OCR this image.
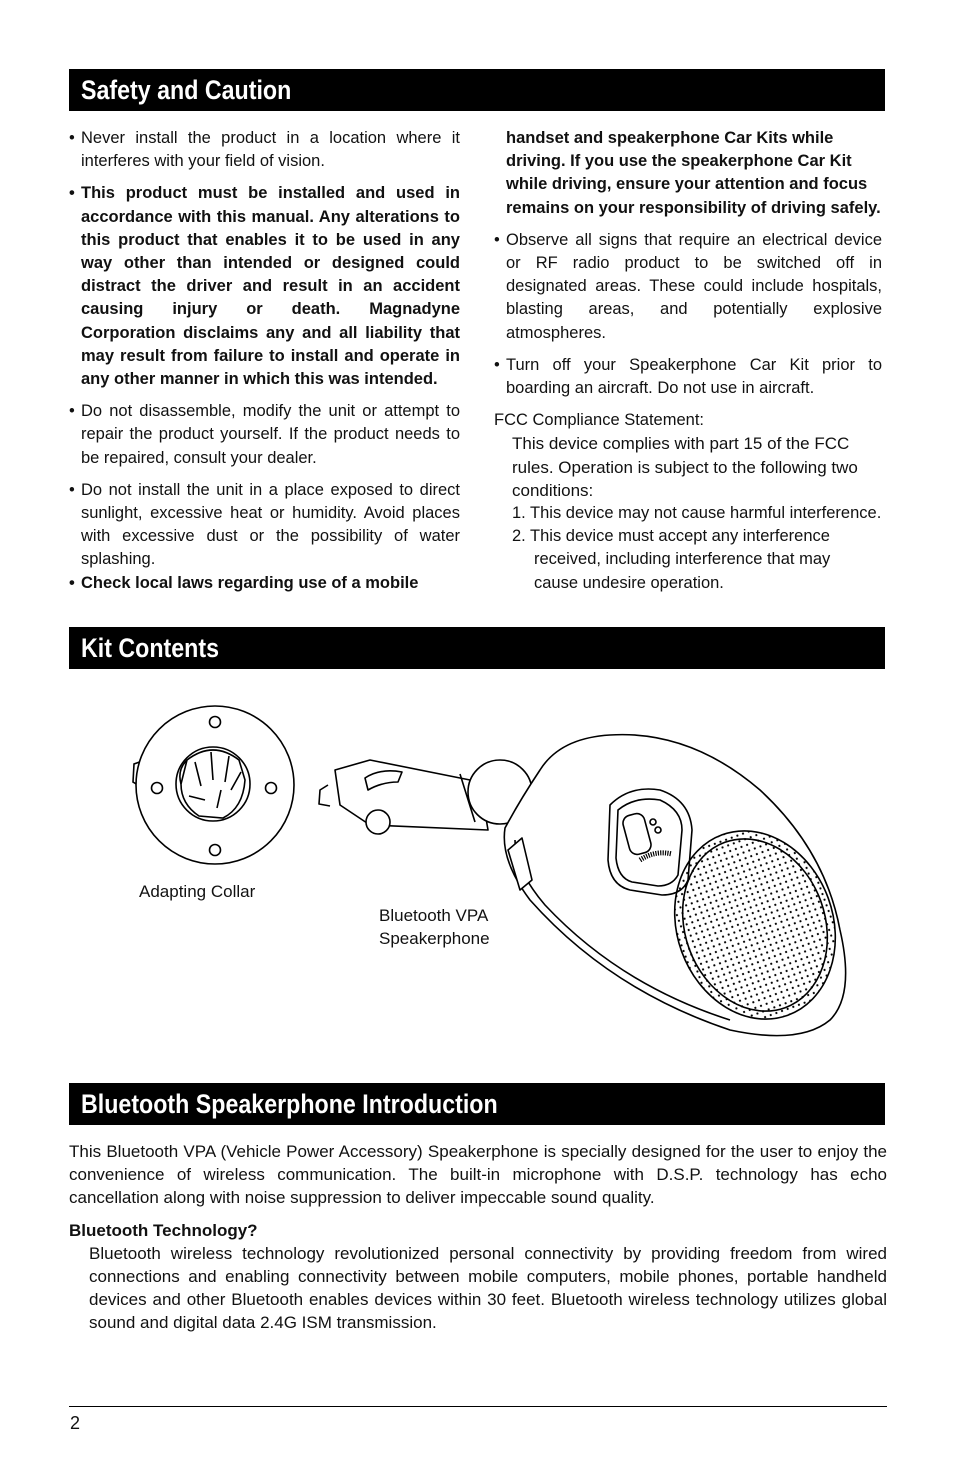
Safety and Caution

• Never install the product in a location where it interferes with your field of vision.

• This product must be installed and used in accordance with this manual. Any alterations to this product that enables it to be used in any way other than intended or designed could distract the driver and result in an accident causing injury or death. Magnadyne Corporation disclaims any and all liability that may result from failure to install and operate in any other manner in which this was intended.

• Do not disassemble, modify the unit or attempt to repair the product yourself. If the product needs to be repaired, consult your dealer.

• Do not install the unit in a place exposed to direct sunlight, excessive heat or humidity. Avoid places with excessive dust or the possibility of water splashing.

• Check local laws regarding use of a mobile

handset and speakerphone Car Kits while driving. If you use the speakerphone Car Kit while driving, ensure your attention and focus remains on your responsibility of driving safely.

• Observe all signs that require an electrical device or RF radio product to be switched off in designated areas. These could include hospitals, blasting areas, and potentially explosive atmospheres.

• Turn off your Speakerphone Car Kit prior to boarding an aircraft. Do not use in aircraft.

FCC Compliance Statement:

This device complies with part 15 of the FCC rules. Operation is subject to the following two conditions:

1. This device may not cause harmful interference.

2. This device must accept any interference

received, including interference that may

cause undesire operation.

Kit Contents
Adapting Collar
Bluetooth VPA
Speakerphone
Bluetooth Speakerphone Introduction

This Bluetooth VPA (Vehicle Power Accessory) Speakerphone is specially designed for the user to enjoy the convenience of wireless communication. The built-in microphone with D.S.P. technology has echo cancellation along with noise suppression to deliver impeccable sound quality.

Bluetooth Technology?

Bluetooth wireless technology revolutionized personal connectivity by providing freedom from wired connections and enabling connectivity between mobile computers, mobile phones, portable handheld devices and other Bluetooth enables devices within 30 feet. Bluetooth wireless technology utilizes global sound and digital data 2.4G ISM transmission.

2
